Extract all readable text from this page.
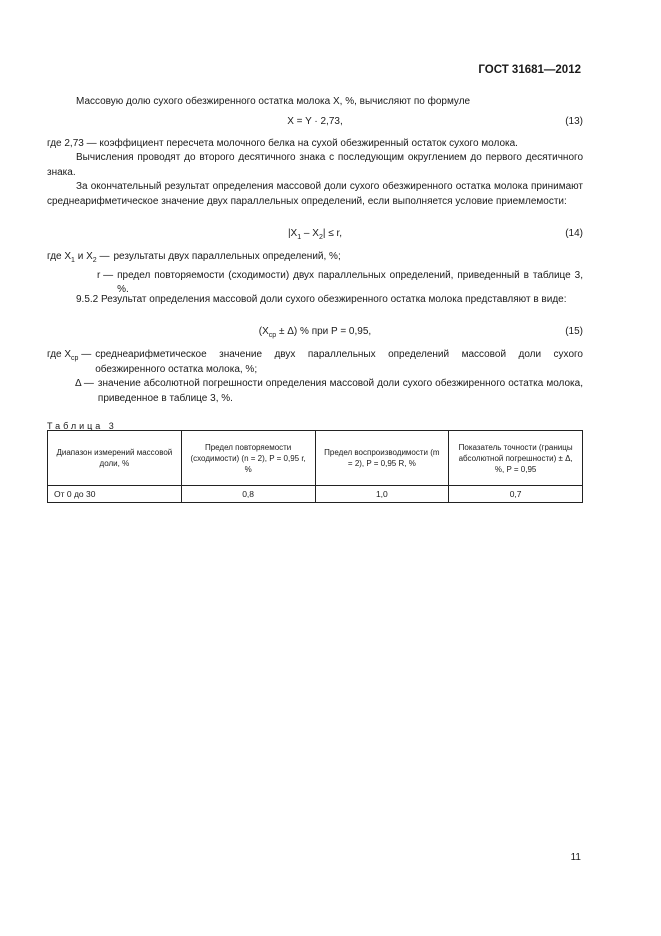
ГОСТ 31681—2012
Массовую долю сухого обезжиренного остатка молока X, %, вычисляют по формуле
X = Y · 2,73,	(13)
где 2,73 — коэффициент пересчета молочного белка на сухой обезжиренный остаток сухого молока.
Вычисления проводят до второго десятичного знака с последующим округлением до первого десятичного знака.
За окончательный результат определения массовой доли сухого обезжиренного остатка молока принимают среднеарифметическое значение двух параллельных определений, если выполняется условие приемлемости:
$|X_1 - X_2| \le r$,	(14)
где $X_1$ и $X_2$ — результаты двух параллельных определений, %;
r — предел повторяемости (сходимости) двух параллельных определений, приведенный в таблице 3, %.
9.5.2 Результат определения массовой доли сухого обезжиренного остатка молока представляют в виде:
$(X_{ср} \pm \Delta)$ % при P = 0,95,	(15)
где $X_{ср}$ — среднеарифметическое значение двух параллельных определений массовой доли сухого обезжиренного остатка молока, %;
Δ — значение абсолютной погрешности определения массовой доли сухого обезжиренного остатка молока, приведенное в таблице 3, %.
Таблица 3
Диапазон измерений массовой доли, %	Предел повторяемости (сходимости) (n = 2), P = 0,95 r, %	Предел воспроизводимости (m = 2), P = 0,95 R, %	Показатель точности (границы абсолютной погрешности) ± Δ, %, P = 0,95
От 0 до 30	0,8	1,0	0,7
11
